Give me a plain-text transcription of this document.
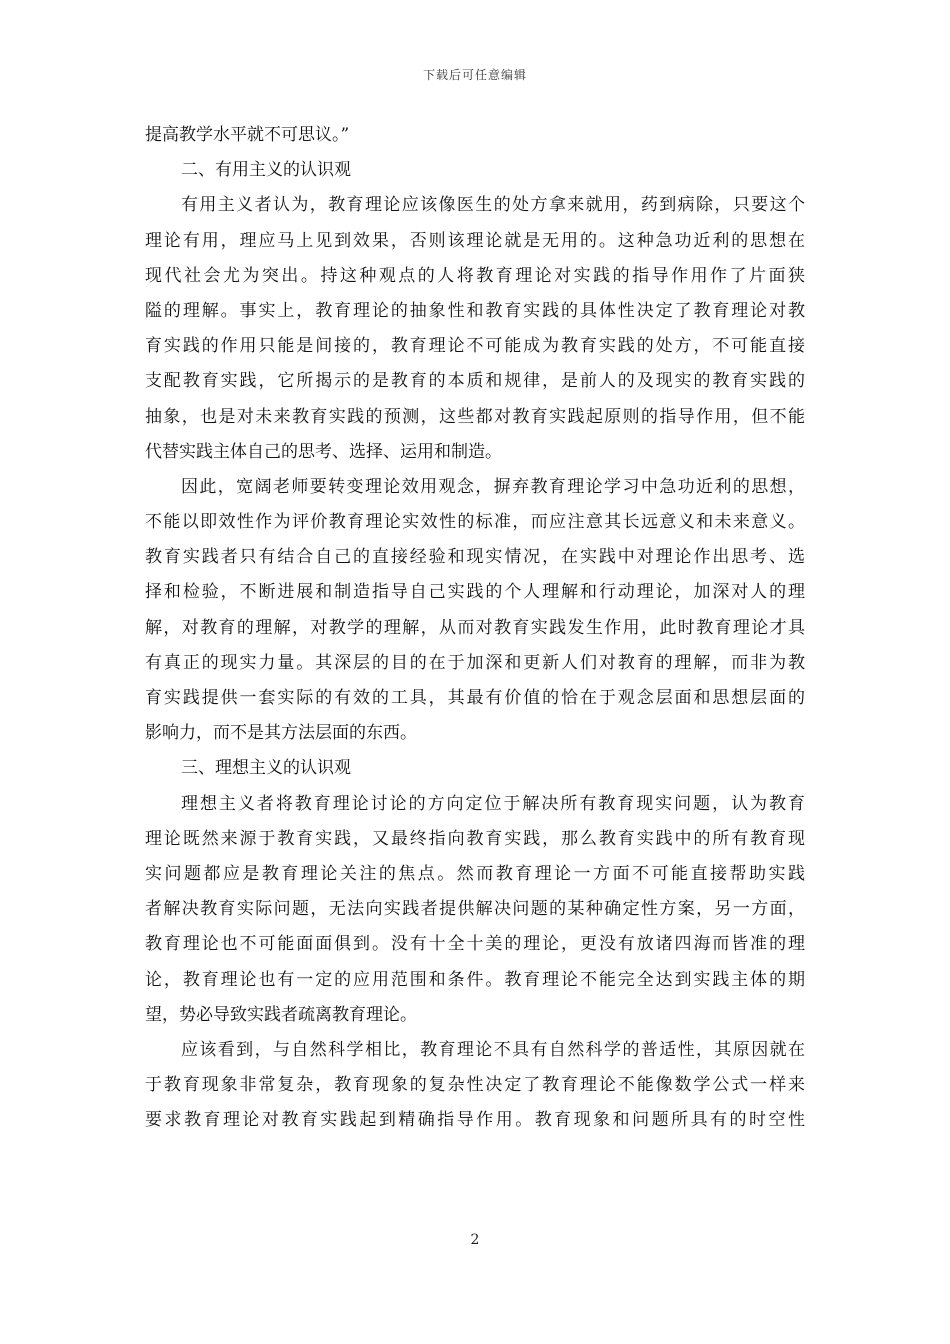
下载后可任意编辑
提高教学水平就不可思议。”
二、有用主义的认识观
有用主义者认为，教育理论应该像医生的处方拿来就用，药到病除，只要这个
理论有用，理应马上见到效果，否则该理论就是无用的。这种急功近利的思想在
现代社会尤为突出。持这种观点的人将教育理论对实践的指导作用作了片面狭
隘的理解。事实上，教育理论的抽象性和教育实践的具体性决定了教育理论对教
育实践的作用只能是间接的，教育理论不可能成为教育实践的处方，不可能直接
支配教育实践，它所揭示的是教育的本质和规律，是前人的及现实的教育实践的
抽象，也是对未来教育实践的预测，这些都对教育实践起原则的指导作用，但不能
代替实践主体自己的思考、选择、运用和制造。
因此，宽阔老师要转变理论效用观念，摒弃教育理论学习中急功近利的思想，
不能以即效性作为评价教育理论实效性的标准，而应注意其长远意义和未来意义。
教育实践者只有结合自己的直接经验和现实情况，在实践中对理论作出思考、选
择和检验，不断进展和制造指导自己实践的个人理解和行动理论，加深对人的理
解，对教育的理解，对教学的理解，从而对教育实践发生作用，此时教育理论才具
有真正的现实力量。其深层的目的在于加深和更新人们对教育的理解，而非为教
育实践提供一套实际的有效的工具，其最有价值的恰在于观念层面和思想层面的
影响力，而不是其方法层面的东西。
三、理想主义的认识观
理想主义者将教育理论讨论的方向定位于解决所有教育现实问题，认为教育
理论既然来源于教育实践，又最终指向教育实践，那么教育实践中的所有教育现
实问题都应是教育理论关注的焦点。然而教育理论一方面不可能直接帮助实践
者解决教育实际问题，无法向实践者提供解决问题的某种确定性方案，另一方面，
教育理论也不可能面面俱到。没有十全十美的理论，更没有放诸四海而皆准的理
论，教育理论也有一定的应用范围和条件。教育理论不能完全达到实践主体的期
望，势必导致实践者疏离教育理论。
应该看到，与自然科学相比，教育理论不具有自然科学的普适性，其原因就在
于教育现象非常复杂，教育现象的复杂性决定了教育理论不能像数学公式一样来
要求教育理论对教育实践起到精确指导作用。教育现象和问题所具有的时空性
2
